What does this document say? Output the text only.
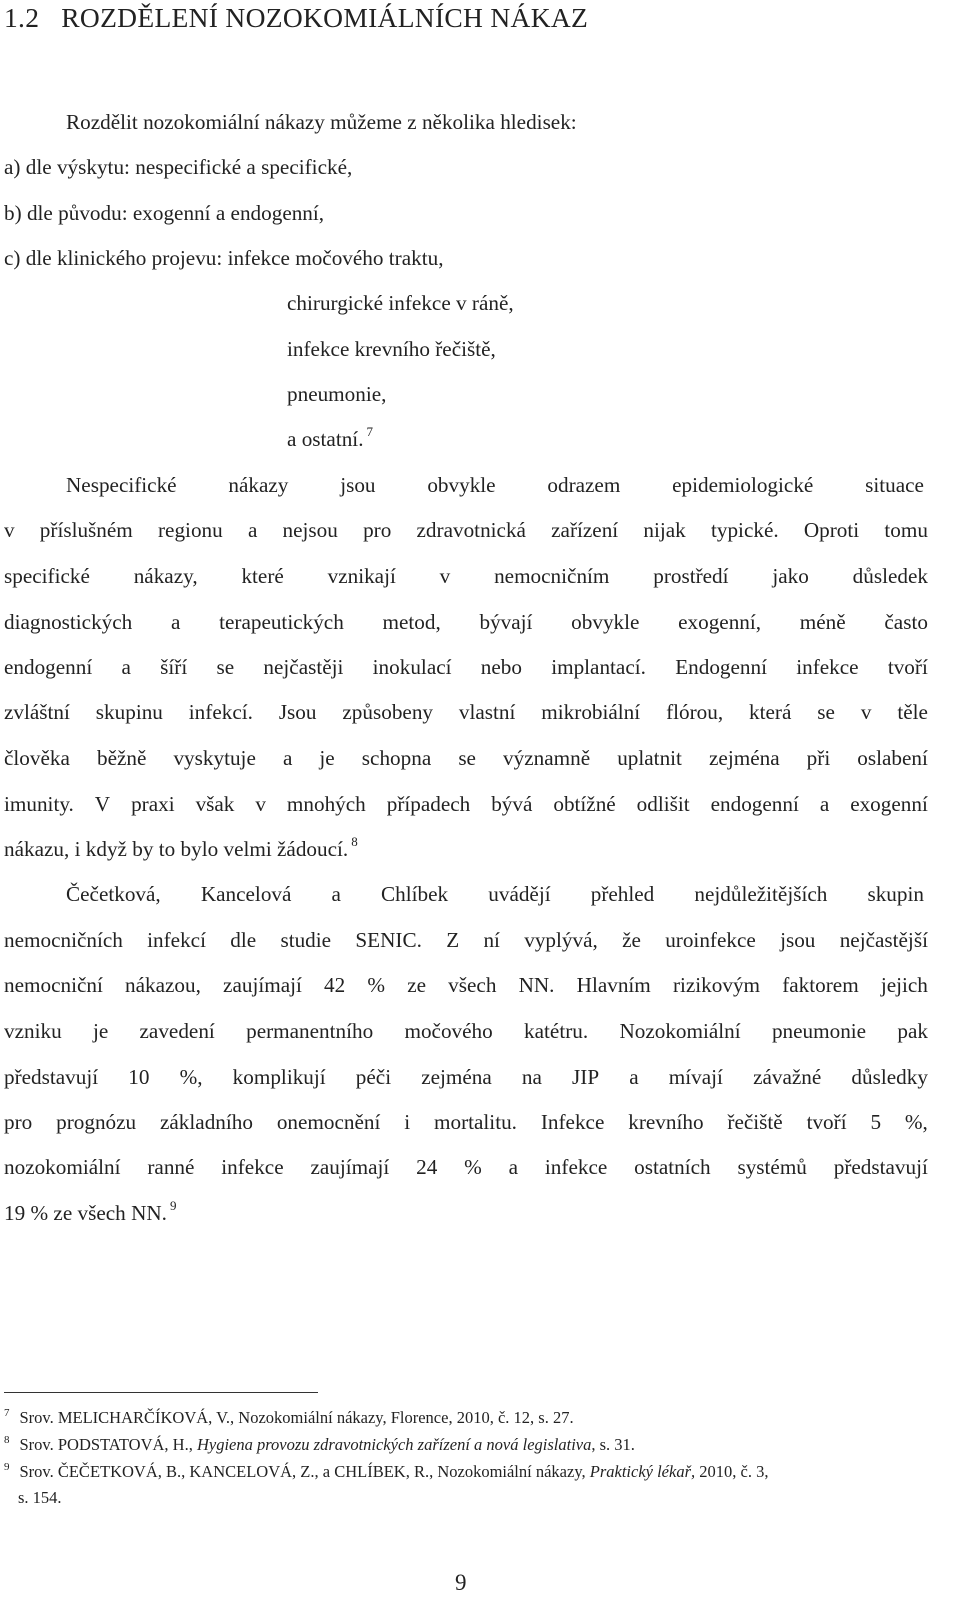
1.2 ROZDĚLENÍ NOZOKOMIÁLNÍCH NÁKAZ
Rozdělit nozokomiální nákazy můžeme z několika hledisek:
a) dle výskytu: nespecifické a specifické,
b) dle původu: exogenní a endogenní,
c) dle klinického projevu: infekce močového traktu,
chirurgické infekce v ráně,
infekce krevního řečiště,
pneumonie,
a ostatní. $^7$
Nespecifické nákazy jsou obvykle odrazem epidemiologické situace
v příslušném regionu a nejsou pro zdravotnická zařízení nijak typické. Oproti tomu
specifické nákazy, které vznikají v nemocničním prostředí jako důsledek
diagnostických a terapeutických metod, bývají obvykle exogenní, méně často
endogenní a šíří se nejčastěji inokulací nebo implantací. Endogenní infekce tvoří
zvláštní skupinu infekcí. Jsou způsobeny vlastní mikrobiální flórou, která se v těle
člověka běžně vyskytuje a je schopna se významně uplatnit zejména při oslabení
imunity. V praxi však v mnohých případech bývá obtížné odlišit endogenní a exogenní
nákazu, i když by to bylo velmi žádoucí. $^8$
Čečetková, Kancelová a Chlíbek uvádějí přehled nejdůležitějších skupin
nemocničních infekcí dle studie SENIC. Z ní vyplývá, že uroinfekce jsou nejčastější
nemocniční nákazou, zaujímají 42 % ze všech NN. Hlavním rizikovým faktorem jejich
vzniku je zavedení permanentního močového katétru. Nozokomiální pneumonie pak
představují 10 %, komplikují péči zejména na JIP a mívají závažné důsledky
pro prognózu základního onemocnění i mortalitu. Infekce krevního řečiště tvoří 5 %,
nozokomiální ranné infekce zaujímají 24 % a infekce ostatních systémů představují
19 % ze všech NN. $^9$
$^7$ Srov. MELICHARČÍKOVÁ, V., Nozokomiální nákazy, Florence, 2010, č. 12, s. 27.
$^8$ Srov. PODSTATOVÁ, H., Hygiena provozu zdravotnických zařízení a nová legislativa, s. 31.
$^9$ Srov. ČEČETKOVÁ, B., KANCELOVÁ, Z., a CHLÍBEK, R., Nozokomiální nákazy, Praktický lékař, 2010, č. 3,
s. 154.
9
